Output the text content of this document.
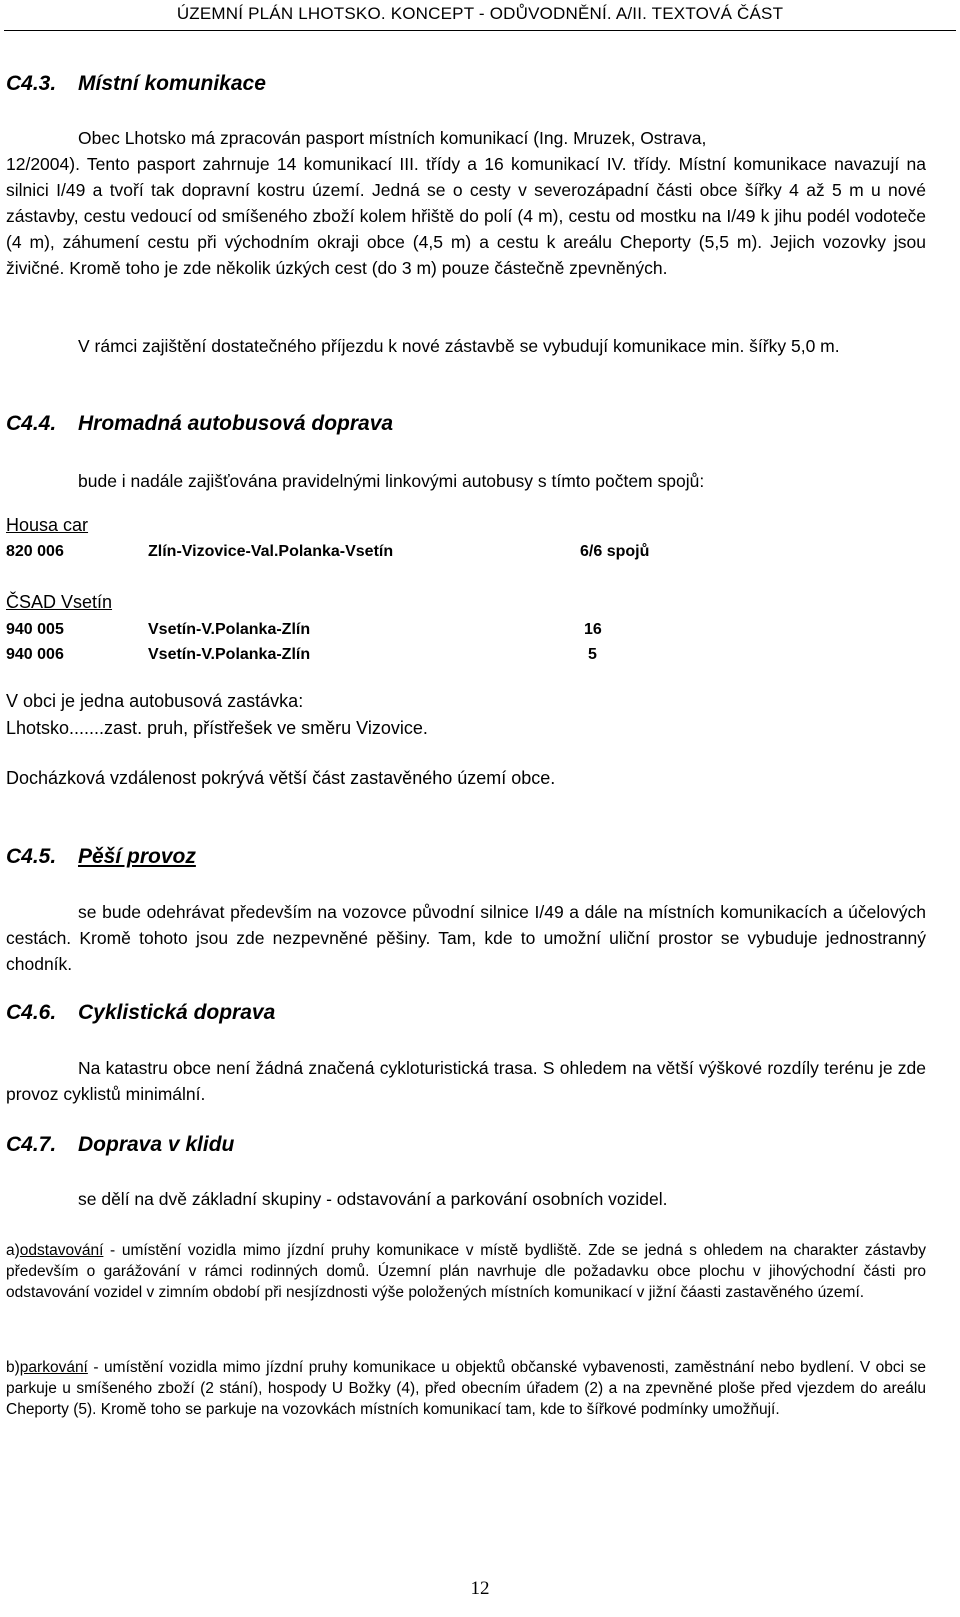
ÚZEMNÍ PLÁN LHOTSKO. KONCEPT - ODŮVODNĚNÍ. A/II. TEXTOVÁ ČÁST
C4.3. Místní komunikace
Obec Lhotsko má zpracován pasport místních komunikací (Ing. Mruzek, Ostrava,
12/2004). Tento pasport zahrnuje 14 komunikací III. třídy a 16 komunikací IV. třídy. Místní komunikace navazují na silnici I/49 a tvoří tak dopravní kostru území. Jedná se o cesty v severozápadní části obce šířky 4 až 5 m u nové zástavby, cestu vedoucí od smíšeného zboží kolem hřiště do polí (4 m), cestu od mostku na I/49 k jihu podél vodoteče (4 m), záhumení cestu při východním okraji obce (4,5 m) a cestu k areálu Cheporty (5,5 m). Jejich vozovky jsou živičné. Kromě toho je zde několik úzkých cest (do 3 m) pouze částečně zpevněných.
V rámci zajištění dostatečného příjezdu k nové zástavbě se vybudují komunikace min. šířky 5,0 m.
C4.4. Hromadná autobusová doprava
bude i nadále zajišťována pravidelnými linkovými autobusy s tímto počtem spojů:
Housa car
820 006	Zlín-Vizovice-Val.Polanka-Vsetín	6/6 spojů
ČSAD Vsetín
940 005	Vsetín-V.Polanka-Zlín	16
940 006	Vsetín-V.Polanka-Zlín	5
V obci je jedna autobusová zastávka:
Lhotsko.......zast. pruh, přístřešek ve směru Vizovice.
Docházková vzdálenost pokrývá větší část zastavěného území obce.
C4.5. Pěší provoz
se bude odehrávat především na vozovce původní silnice I/49 a dále na místních komunikacích a účelových cestách. Kromě tohoto jsou zde nezpevněné pěšiny. Tam, kde to umožní uliční prostor se vybuduje jednostranný chodník.
C4.6. Cyklistická doprava
Na katastru obce není žádná značená cykloturistická trasa. S ohledem na větší výškové rozdíly terénu je zde provoz cyklistů minimální.
C4.7. Doprava v klidu
se dělí na dvě základní skupiny - odstavování a parkování osobních vozidel.
a)odstavování - umístění vozidla mimo jízdní pruhy komunikace v místě bydliště. Zde se jedná s ohledem na charakter zástavby především o garážování v rámci rodinných domů. Územní plán navrhuje dle požadavku obce plochu v jihovýchodní části pro odstavování vozidel v zimním období při nesjízdnosti výše položených místních komunikací v jižní čáasti zastavěného území.
b)parkování - umístění vozidla mimo jízdní pruhy komunikace u objektů občanské vybavenosti, zaměstnání nebo bydlení. V obci se parkuje u smíšeného zboží (2 stání), hospody U Božky (4), před obecním úřadem (2) a na zpevněné ploše před vjezdem do areálu Cheporty (5). Kromě toho se parkuje na vozovkách místních komunikací tam, kde to šířkové podmínky umožňují.
12
